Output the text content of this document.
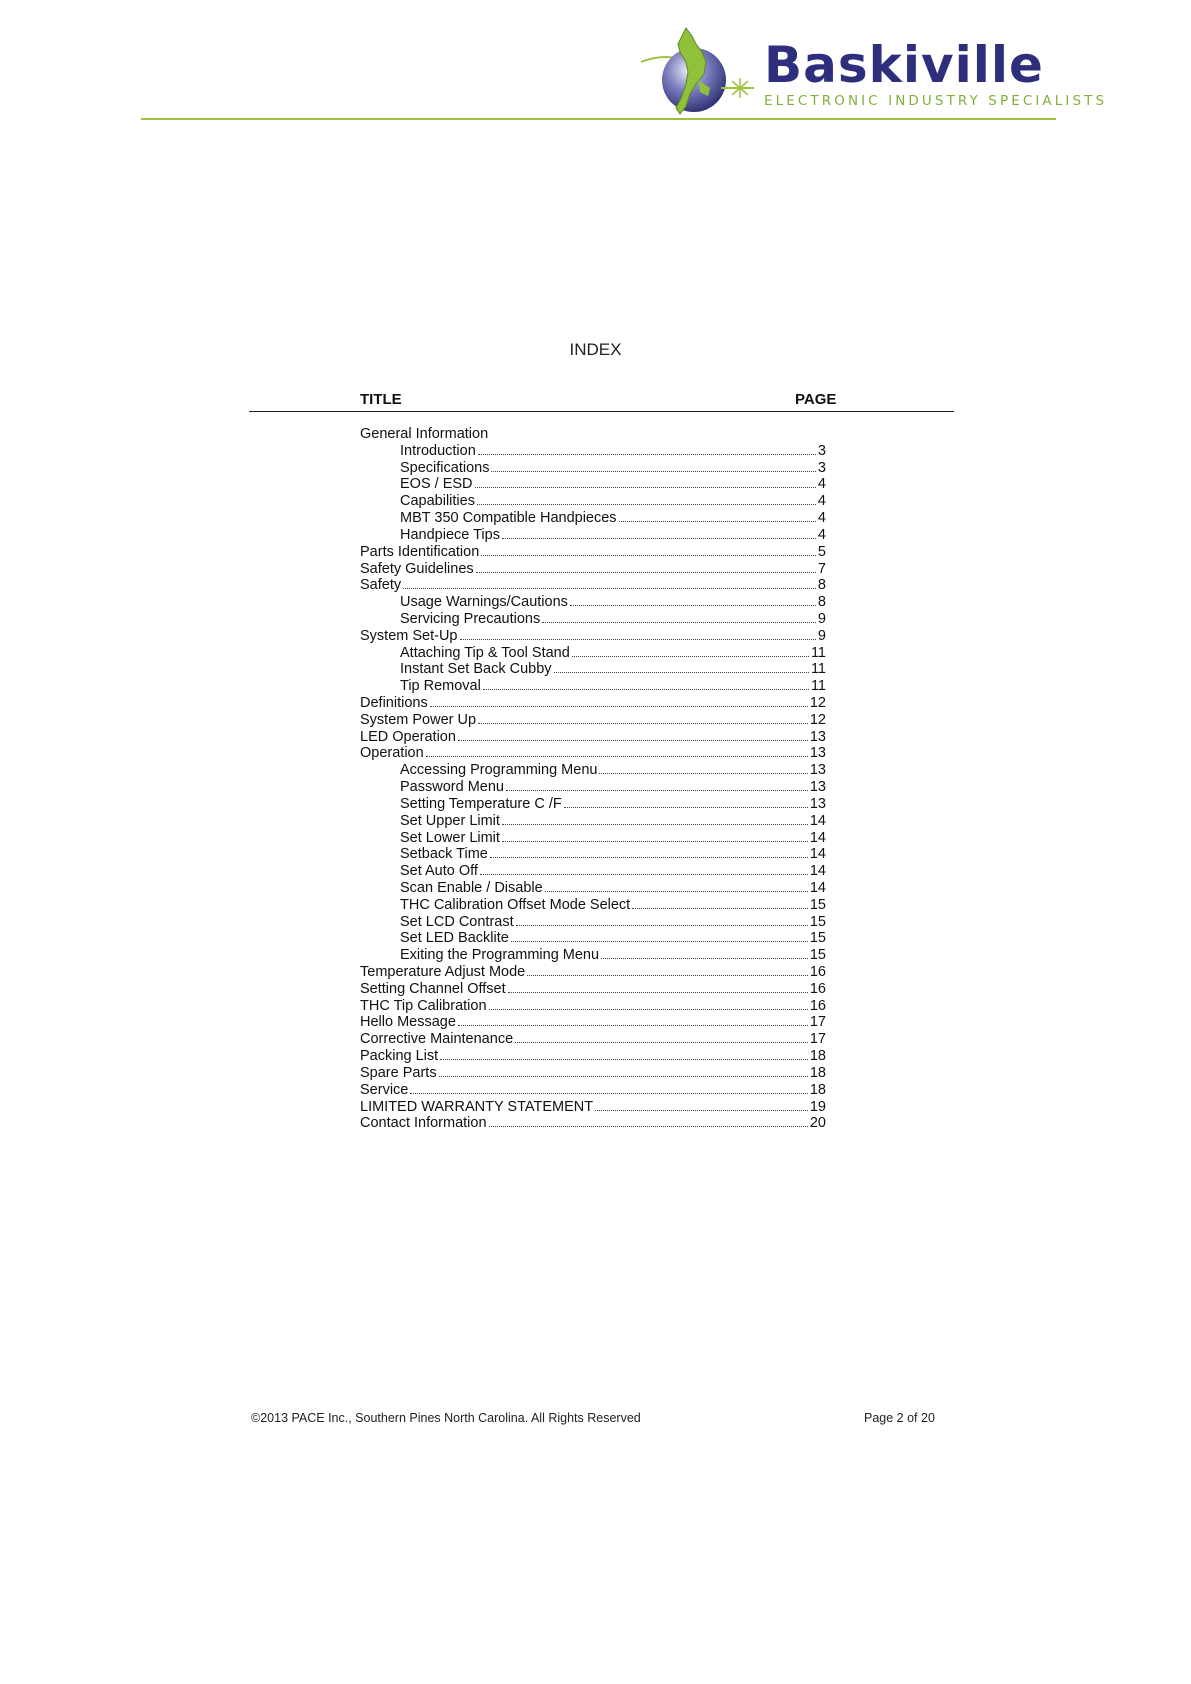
Baskiville
ELECTRONIC INDUSTRY SPECIALISTS
INDEX
TITLE	PAGE
General Information
Introduction	3
Specifications	3
EOS / ESD	4
Capabilities	4
MBT 350 Compatible Handpieces	4
Handpiece Tips	4
Parts Identification	5
Safety Guidelines	7
Safety	8
Usage Warnings/Cautions	8
Servicing Precautions	9
System Set-Up	9
Attaching Tip & Tool Stand	11
Instant Set Back Cubby	11
Tip Removal	11
Definitions	12
System Power Up	12
LED Operation	13
Operation	13
Accessing Programming Menu	13
Password Menu	13
Setting Temperature C /F	13
Set Upper Limit	14
Set Lower Limit	14
Setback Time	14
Set Auto Off	14
Scan Enable / Disable	14
THC Calibration Offset Mode Select	15
Set LCD Contrast	15
Set LED Backlite	15
Exiting the Programming Menu	15
Temperature Adjust Mode	16
Setting Channel Offset	16
THC Tip Calibration	16
Hello Message	17
Corrective Maintenance	17
Packing List	18
Spare Parts	18
Service	18
LIMITED WARRANTY STATEMENT	19
Contact Information	20
©2013 PACE Inc., Southern Pines North Carolina. All Rights Reserved	Page 2 of 20
